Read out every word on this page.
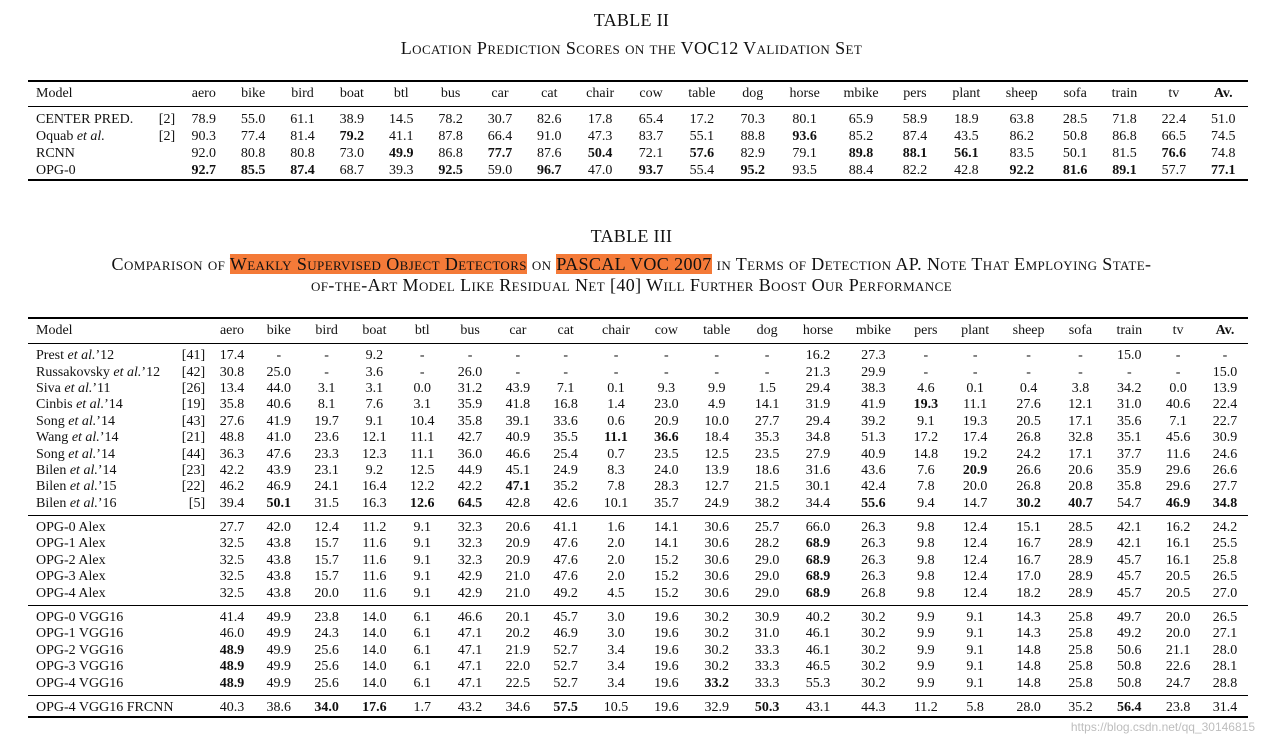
TABLE II
Location Prediction Scores on the VOC12 Validation Set
Model		aero	bike	bird	boat	btl	bus	car	cat	chair	cow	table	dog	horse	mbike	pers	plant	sheep	sofa	train	tv	Av.
CENTER PRED.	[2]	78.9	55.0	61.1	38.9	14.5	78.2	30.7	82.6	17.8	65.4	17.2	70.3	80.1	65.9	58.9	18.9	63.8	28.5	71.8	22.4	51.0
Oquab et al.	[2]	90.3	77.4	81.4	79.2	41.1	87.8	66.4	91.0	47.3	83.7	55.1	88.8	93.6	85.2	87.4	43.5	86.2	50.8	86.8	66.5	74.5
RCNN		92.0	80.8	80.8	73.0	49.9	86.8	77.7	87.6	50.4	72.1	57.6	82.9	79.1	89.8	88.1	56.1	83.5	50.1	81.5	76.6	74.8
OPG-0		92.7	85.5	87.4	68.7	39.3	92.5	59.0	96.7	47.0	93.7	55.4	95.2	93.5	88.4	82.2	42.8	92.2	81.6	89.1	57.7	77.1
TABLE III
Comparison of Weakly Supervised Object Detectors on PASCAL VOC 2007 in Terms of Detection AP. Note That Employing State-
of-the-Art Model Like Residual Net [40] Will Further Boost Our Performance
Model		aero	bike	bird	boat	btl	bus	car	cat	chair	cow	table	dog	horse	mbike	pers	plant	sheep	sofa	train	tv	Av.
Prest et al.’12	[41]	17.4	-	-	9.2	-	-	-	-	-	-	-	-	16.2	27.3	-	-	-	-	15.0	-	-
Russakovsky et al.’12	[42]	30.8	25.0	-	3.6	-	26.0	-	-	-	-	-	-	21.3	29.9	-	-	-	-	-	-	15.0
Siva et al.’11	[26]	13.4	44.0	3.1	3.1	0.0	31.2	43.9	7.1	0.1	9.3	9.9	1.5	29.4	38.3	4.6	0.1	0.4	3.8	34.2	0.0	13.9
Cinbis et al.’14	[19]	35.8	40.6	8.1	7.6	3.1	35.9	41.8	16.8	1.4	23.0	4.9	14.1	31.9	41.9	19.3	11.1	27.6	12.1	31.0	40.6	22.4
Song et al.’14	[43]	27.6	41.9	19.7	9.1	10.4	35.8	39.1	33.6	0.6	20.9	10.0	27.7	29.4	39.2	9.1	19.3	20.5	17.1	35.6	7.1	22.7
Wang et al.’14	[21]	48.8	41.0	23.6	12.1	11.1	42.7	40.9	35.5	11.1	36.6	18.4	35.3	34.8	51.3	17.2	17.4	26.8	32.8	35.1	45.6	30.9
Song et al.’14	[44]	36.3	47.6	23.3	12.3	11.1	36.0	46.6	25.4	0.7	23.5	12.5	23.5	27.9	40.9	14.8	19.2	24.2	17.1	37.7	11.6	24.6
Bilen et al.’14	[23]	42.2	43.9	23.1	9.2	12.5	44.9	45.1	24.9	8.3	24.0	13.9	18.6	31.6	43.6	7.6	20.9	26.6	20.6	35.9	29.6	26.6
Bilen et al.’15	[22]	46.2	46.9	24.1	16.4	12.2	42.2	47.1	35.2	7.8	28.3	12.7	21.5	30.1	42.4	7.8	20.0	26.8	20.8	35.8	29.6	27.7
Bilen et al.’16	[5]	39.4	50.1	31.5	16.3	12.6	64.5	42.8	42.6	10.1	35.7	24.9	38.2	34.4	55.6	9.4	14.7	30.2	40.7	54.7	46.9	34.8
OPG-0 Alex		27.7	42.0	12.4	11.2	9.1	32.3	20.6	41.1	1.6	14.1	30.6	25.7	66.0	26.3	9.8	12.4	15.1	28.5	42.1	16.2	24.2
OPG-1 Alex		32.5	43.8	15.7	11.6	9.1	32.3	20.9	47.6	2.0	14.1	30.6	28.2	68.9	26.3	9.8	12.4	16.7	28.9	42.1	16.1	25.5
OPG-2 Alex		32.5	43.8	15.7	11.6	9.1	32.3	20.9	47.6	2.0	15.2	30.6	29.0	68.9	26.3	9.8	12.4	16.7	28.9	45.7	16.1	25.8
OPG-3 Alex		32.5	43.8	15.7	11.6	9.1	42.9	21.0	47.6	2.0	15.2	30.6	29.0	68.9	26.3	9.8	12.4	17.0	28.9	45.7	20.5	26.5
OPG-4 Alex		32.5	43.8	20.0	11.6	9.1	42.9	21.0	49.2	4.5	15.2	30.6	29.0	68.9	26.8	9.8	12.4	18.2	28.9	45.7	20.5	27.0
OPG-0 VGG16		41.4	49.9	23.8	14.0	6.1	46.6	20.1	45.7	3.0	19.6	30.2	30.9	40.2	30.2	9.9	9.1	14.3	25.8	49.7	20.0	26.5
OPG-1 VGG16		46.0	49.9	24.3	14.0	6.1	47.1	20.2	46.9	3.0	19.6	30.2	31.0	46.1	30.2	9.9	9.1	14.3	25.8	49.2	20.0	27.1
OPG-2 VGG16		48.9	49.9	25.6	14.0	6.1	47.1	21.9	52.7	3.4	19.6	30.2	33.3	46.1	30.2	9.9	9.1	14.8	25.8	50.6	21.1	28.0
OPG-3 VGG16		48.9	49.9	25.6	14.0	6.1	47.1	22.0	52.7	3.4	19.6	30.2	33.3	46.5	30.2	9.9	9.1	14.8	25.8	50.8	22.6	28.1
OPG-4 VGG16		48.9	49.9	25.6	14.0	6.1	47.1	22.5	52.7	3.4	19.6	33.2	33.3	55.3	30.2	9.9	9.1	14.8	25.8	50.8	24.7	28.8
OPG-4 VGG16 FRCNN		40.3	38.6	34.0	17.6	1.7	43.2	34.6	57.5	10.5	19.6	32.9	50.3	43.1	44.3	11.2	5.8	28.0	35.2	56.4	23.8	31.4
https://blog.csdn.net/qq_30146815
